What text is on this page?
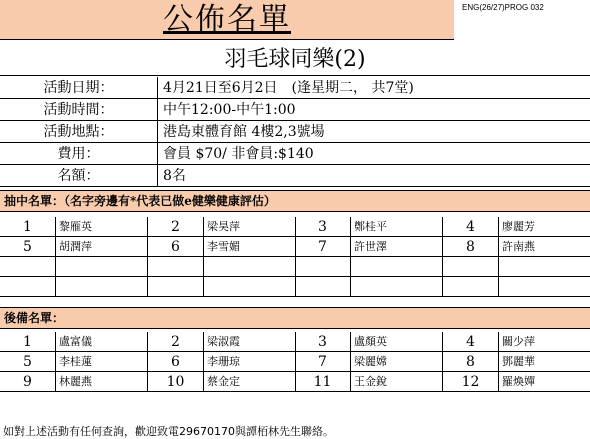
公佈名單	ENG(26/27)PROG 032
羽毛球同樂(2)
活動日期：	4月21日至6月2日　(逢星期二， 共7堂)
活動時間：	中午12:00-中午1:00
活動地點：	港島東體育館 4樓2,3號場
費用：	會員 $70/ 非會員:$140
名額：	8名
抽中名單：（名字旁邊有*代表已做e健樂健康評估）
1	黎雁英	2	梁昊萍	3	鄭桂平	4	廖麗芳
5	胡潤萍	6	李雪媚	7	許世澤	8	許南燕
後備名單：
1	盧富儀	2	梁淑霞	3	盧顏英	4	關少萍
5	李桂蓮	6	李珊琼	7	梁麗嫦	8	鄧麗華
9	林麗燕	10	蔡金定	11	王金銳	12	羅煥嬋
如對上述活動有任何查詢，歡迎致電29670170與譚栢林先生聯絡。
